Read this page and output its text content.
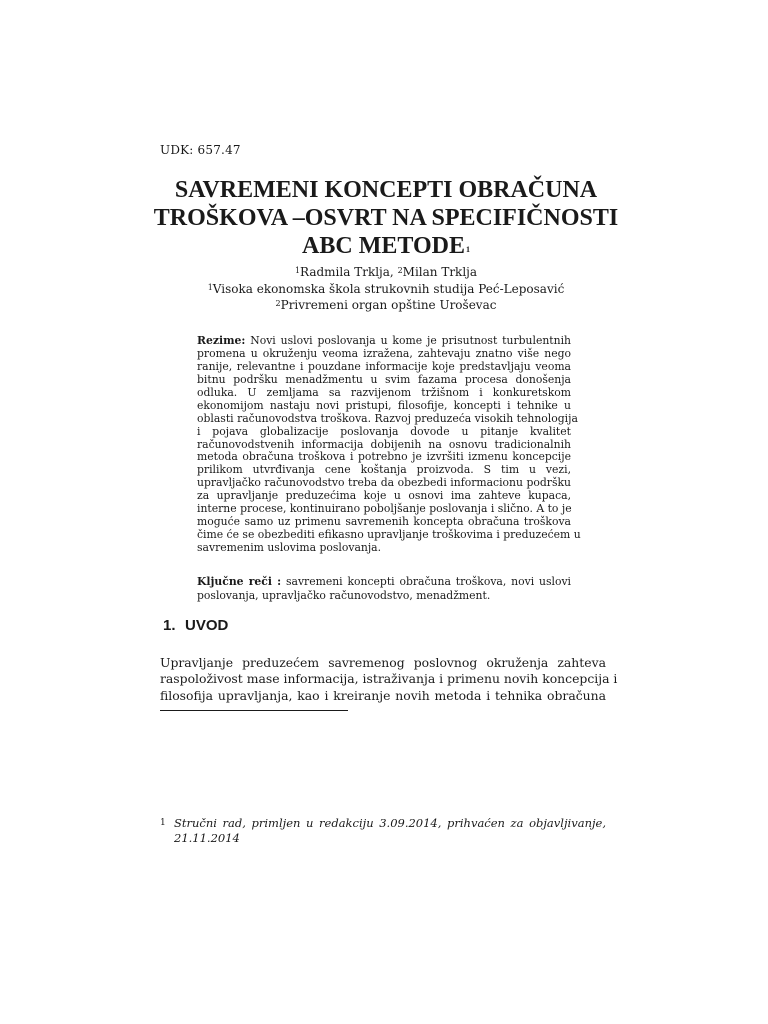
UDK: 657.47
SAVREMENI KONCEPTI OBRAČUNA
TROŠKOVA –OSVRT NA SPECIFIČNOSTI
ABC METODE$^1$
$^1$Radmila Trklja, $^2$Milan Trklja
$^1$Visoka ekonomska škola strukovnih studija Peć-Leposavić
$^2$Privremeni organ opštine Uroševac
Rezime: Novi uslovi poslovanja u kome je prisutnost turbulentnih
promena u okruženju veoma izražena, zahtevaju znatno više nego
ranije, relevantne i pouzdane informacije koje predstavljaju veoma
bitnu podršku menadžmentu u svim fazama procesa donošenja
odluka. U zemljama sa razvijenom tržišnom i konkuretskom
ekonomijom nastaju novi pristupi, filosofije, koncepti i tehnike u
oblasti računovodstva troškova. Razvoj preduzeća visokih tehnologija
i pojava globalizacije poslovanja dovode u pitanje kvalitet
računovodstvenih informacija dobijenih na osnovu tradicionalnih
metoda obračuna troškova i potrebno je izvršiti izmenu koncepcije
prilikom utvrđivanja cene koštanja proizvoda. S tim u vezi,
upravljačko računovodstvo treba da obezbedi informacionu podršku
za upravljanje preduzećima koje u osnovi ima zahteve kupaca,
interne procese, kontinuirano poboljšanje poslovanja i slično. A to je
moguće samo uz primenu savremenih koncepta obračuna troškova
čime će se obezbediti efikasno upravljanje troškovima i preduzećem u
savremenim uslovima poslovanja.
Ključne reči : savremeni koncepti obračuna troškova, novi uslovi
poslovanja, upravljačko računovodstvo, menadžment.
1. UVOD
Upravljanje preduzećem savremenog poslovnog okruženja zahteva
raspoloživost mase informacija, istraživanja i primenu novih koncepcija i
filosofija upravljanja, kao i kreiranje novih metoda i tehnika obračuna
1 Stručni rad, primljen u redakciju 3.09.2014, prihvaćen za objavljivanje,
21.11.2014
